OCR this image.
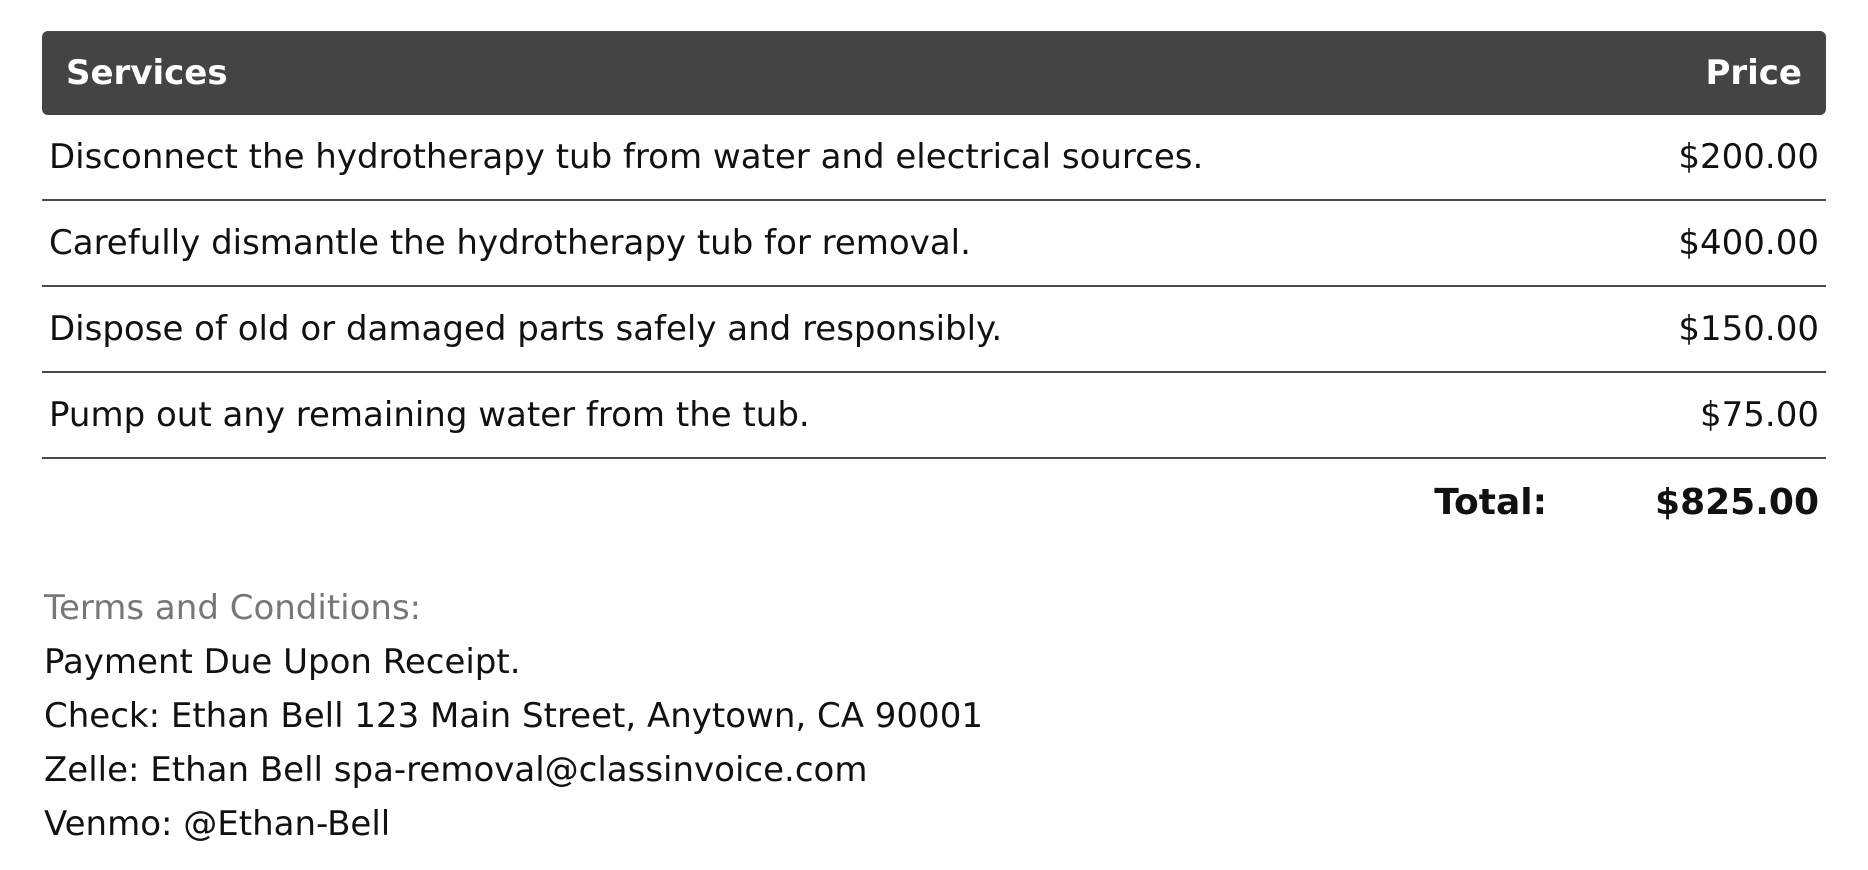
Services	Price
Disconnect the hydrotherapy tub from water and electrical sources.	$200.00
Carefully dismantle the hydrotherapy tub for removal.	$400.00
Dispose of old or damaged parts safely and responsibly.	$150.00
Pump out any remaining water from the tub.	$75.00
Total:	$825.00
Terms and Conditions:
Payment Due Upon Receipt.
Check: Ethan Bell 123 Main Street, Anytown, CA 90001
Zelle: Ethan Bell spa-removal@classinvoice.com
Venmo: @Ethan-Bell
